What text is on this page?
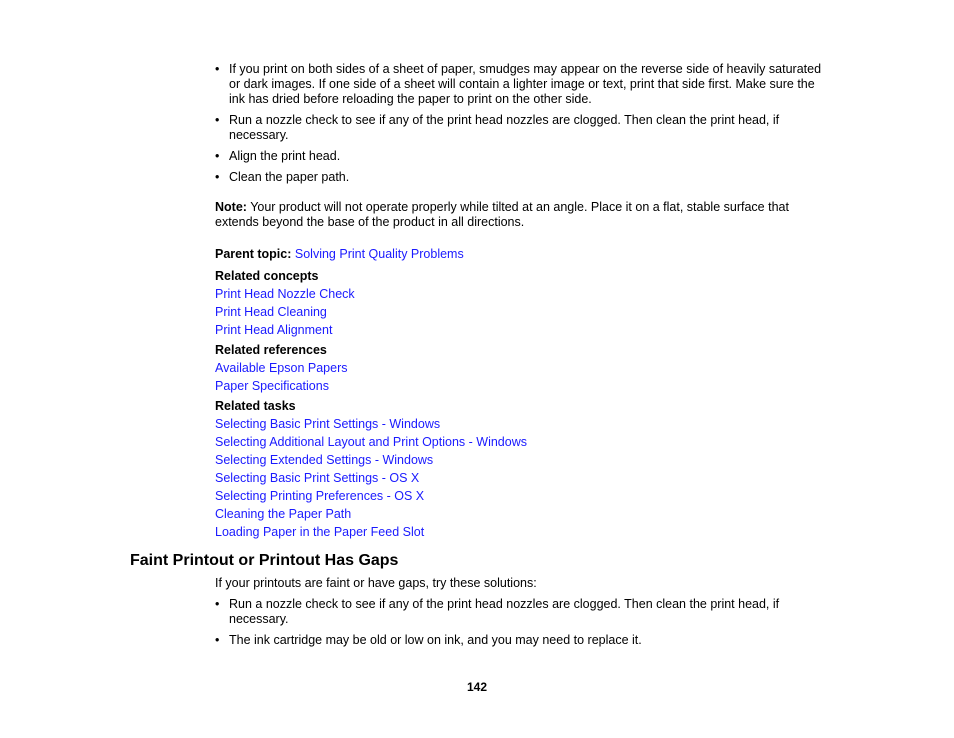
• If you print on both sides of a sheet of paper, smudges may appear on the reverse side of heavily saturated or dark images. If one side of a sheet will contain a lighter image or text, print that side first. Make sure the ink has dried before reloading the paper to print on the other side.
• Run a nozzle check to see if any of the print head nozzles are clogged. Then clean the print head, if necessary.
• Align the print head.
• Clean the paper path.
Note: Your product will not operate properly while tilted at an angle. Place it on a flat, stable surface that extends beyond the base of the product in all directions.
Parent topic: Solving Print Quality Problems
Related concepts
Print Head Nozzle Check
Print Head Cleaning
Print Head Alignment
Related references
Available Epson Papers
Paper Specifications
Related tasks
Selecting Basic Print Settings - Windows
Selecting Additional Layout and Print Options - Windows
Selecting Extended Settings - Windows
Selecting Basic Print Settings - OS X
Selecting Printing Preferences - OS X
Cleaning the Paper Path
Loading Paper in the Paper Feed Slot
Faint Printout or Printout Has Gaps

If your printouts are faint or have gaps, try these solutions:

• Run a nozzle check to see if any of the print head nozzles are clogged. Then clean the print head, if necessary.
• The ink cartridge may be old or low on ink, and you may need to replace it.
142
